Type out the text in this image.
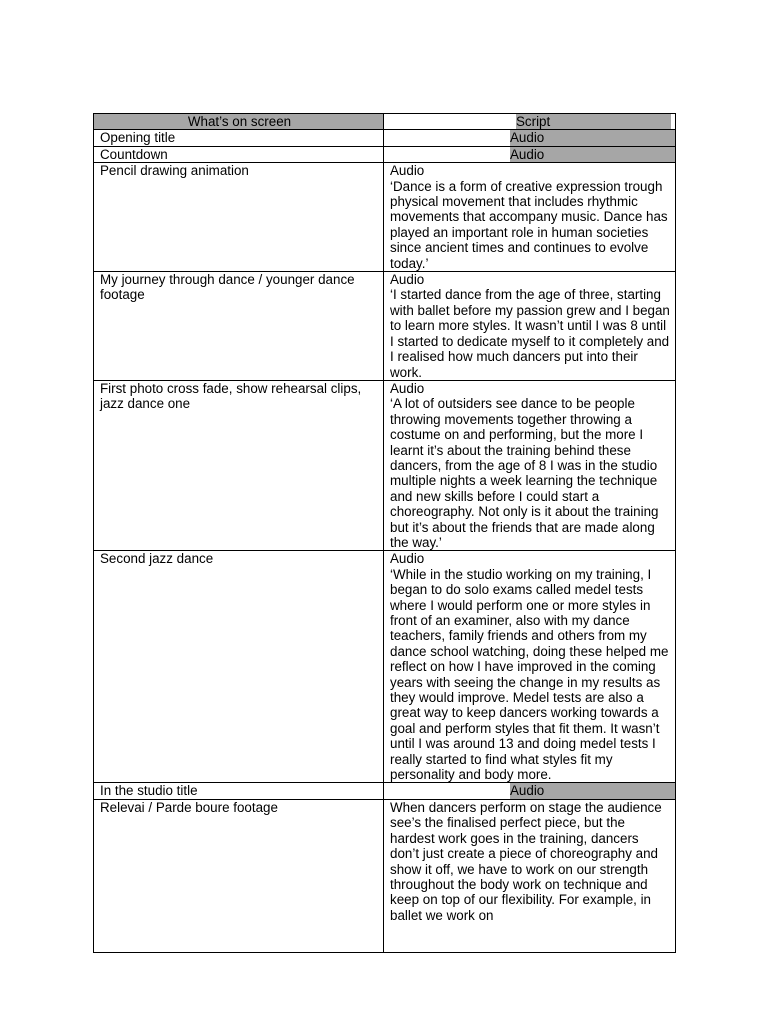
What’s on screen	Script

Opening title	Audio

Countdown	Audio

Pencil drawing animation	Audio
‘Dance is a form of creative expression trough physical movement that includes rhythmic movements that accompany music. Dance has played an important role in human societies since ancient times and continues to evolve today.’

My journey through dance / younger dance footage	Audio
‘I started dance from the age of three, starting with ballet before my passion grew and I began to learn more styles. It wasn’t until I was 8 until I started to dedicate myself to it completely and I realised how much dancers put into their work.

First photo cross fade, show rehearsal clips, jazz dance one	Audio
‘A lot of outsiders see dance to be people throwing movements together throwing a costume on and performing, but the more I learnt it’s about the training behind these dancers, from the age of 8 I was in the studio multiple nights a week learning the technique and new skills before I could start a choreography. Not only is it about the training but it’s about the friends that are made along the way.’

Second jazz dance	Audio
‘While in the studio working on my training, I began to do solo exams called medel tests where I would perform one or more styles in front of an examiner, also with my dance teachers, family friends and others from my dance school watching, doing these helped me reflect on how I have improved in the coming years with seeing the change in my results as they would improve. Medel tests are also a great way to keep dancers working towards a goal and perform styles that fit them. It wasn’t until I was around 13 and doing medel tests I really started to find what styles fit my personality and body more.

In the studio title	Audio

Relevai / Parde boure footage	When dancers perform on stage the audience see’s the finalised perfect piece, but the hardest work goes in the training, dancers don’t just create a piece of choreography and show it off, we have to work on our strength throughout the body work on technique and keep on top of our flexibility. For example, in ballet we work on
